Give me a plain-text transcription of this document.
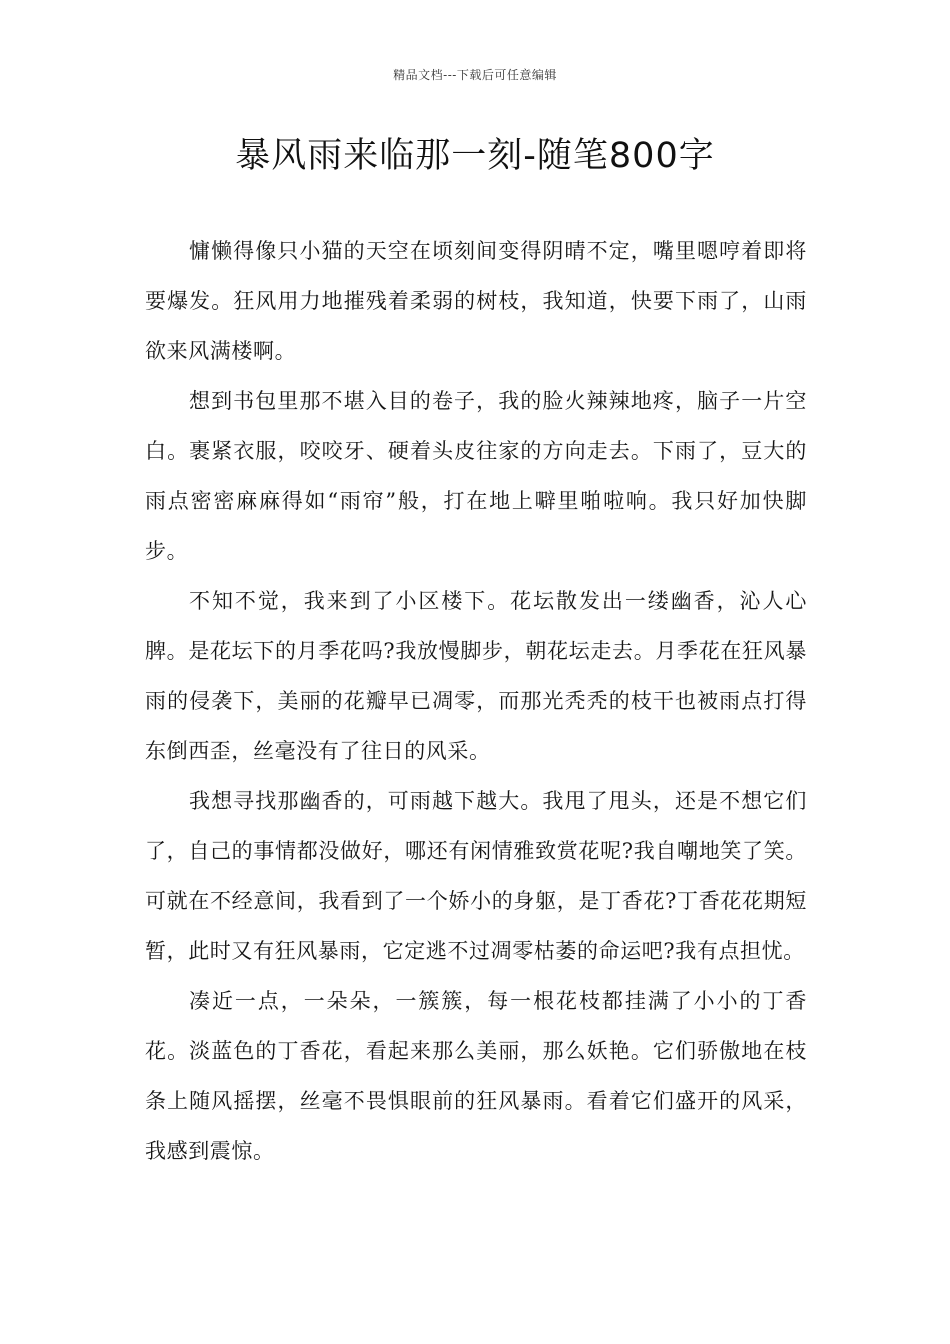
精品文档---下载后可任意编辑
暴风雨来临那一刻-随笔800字

慵懒得像只小猫的天空在顷刻间变得阴晴不定，嘴里嗯哼着即将要爆发。狂风用力地摧残着柔弱的树枝，我知道，快要下雨了，山雨欲来风满楼啊。

想到书包里那不堪入目的卷子，我的脸火辣辣地疼，脑子一片空白。裹紧衣服，咬咬牙、硬着头皮往家的方向走去。下雨了，豆大的雨点密密麻麻得如“雨帘”般，打在地上噼里啪啦响。我只好加快脚步。

不知不觉，我来到了小区楼下。花坛散发出一缕幽香，沁人心脾。是花坛下的月季花吗?我放慢脚步，朝花坛走去。月季花在狂风暴雨的侵袭下，美丽的花瓣早已凋零，而那光秃秃的枝干也被雨点打得东倒西歪，丝毫没有了往日的风采。

我想寻找那幽香的，可雨越下越大。我甩了甩头，还是不想它们了，自己的事情都没做好，哪还有闲情雅致赏花呢?我自嘲地笑了笑。可就在不经意间，我看到了一个娇小的身躯，是丁香花?丁香花花期短暂，此时又有狂风暴雨，它定逃不过凋零枯萎的命运吧?我有点担忧。

凑近一点，一朵朵，一簇簇，每一根花枝都挂满了小小的丁香花。淡蓝色的丁香花，看起来那么美丽，那么妖艳。它们骄傲地在枝条上随风摇摆，丝毫不畏惧眼前的狂风暴雨。看着它们盛开的风采，我感到震惊。
